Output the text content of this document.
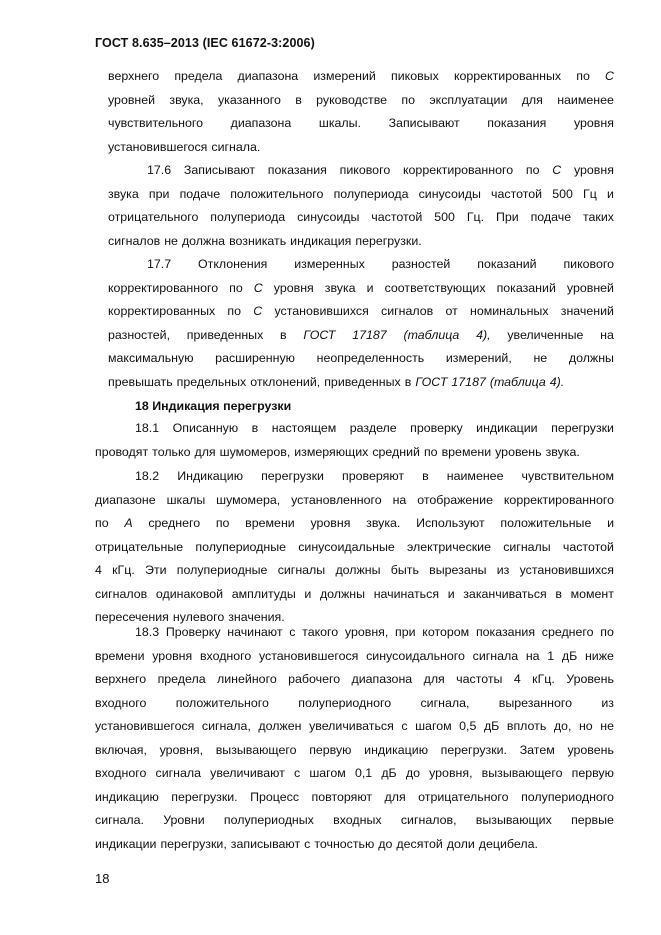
ГОСТ 8.635–2013 (IEC 61672-3:2006)
18 Индикация перегрузки
верхнего предела диапазона измерений пиковых корректированных по C
уровней звука, указанного в руководстве по эксплуатации для наименее
чувствительного диапазона шкалы. Записывают показания уровня
установившегося сигнала.
17.6 Записывают показания пикового корректированного по C уровня
звука при подаче положительного полупериода синусоиды частотой 500 Гц и
отрицательного полупериода синусоиды частотой 500 Гц. При подаче таких
сигналов не должна возникать индикация перегрузки.
17.7 Отклонения измеренных разностей показаний пикового
корректированного по C уровня звука и соответствующих показаний уровней
корректированных по C установившихся сигналов от номинальных значений
разностей, приведенных в ГОСТ 17187 (таблица 4), увеличенные на
максимальную расширенную неопределенность измерений, не должны
превышать предельных отклонений, приведенных в ГОСТ 17187 (таблица 4).
18.1 Описанную в настоящем разделе проверку индикации перегрузки
проводят только для шумомеров, измеряющих средний по времени уровень звука.
18.2 Индикацию перегрузки проверяют в наименее чувствительном
диапазоне шкалы шумомера, установленного на отображение корректированного
по A среднего по времени уровня звука. Используют положительные и
отрицательные полупериодные синусоидальные электрические сигналы частотой
4 кГц. Эти полупериодные сигналы должны быть вырезаны из установившихся
сигналов одинаковой амплитуды и должны начинаться и заканчиваться в момент
пересечения нулевого значения.
18.3 Проверку начинают с такого уровня, при котором показания среднего по
времени уровня входного установившегося синусоидального сигнала на 1 дБ ниже
верхнего предела линейного рабочего диапазона для частоты 4 кГц. Уровень
входного положительного полупериодного сигнала, вырезанного из
установившегося сигнала, должен увеличиваться с шагом 0,5 дБ вплоть до, но не
включая, уровня, вызывающего первую индикацию перегрузки. Затем уровень
входного сигнала увеличивают с шагом 0,1 дБ до уровня, вызывающего первую
индикацию перегрузки. Процесс повторяют для отрицательного полупериодного
сигнала. Уровни полупериодных входных сигналов, вызывающих первые
индикации перегрузки, записывают с точностью до десятой доли децибела.
18
